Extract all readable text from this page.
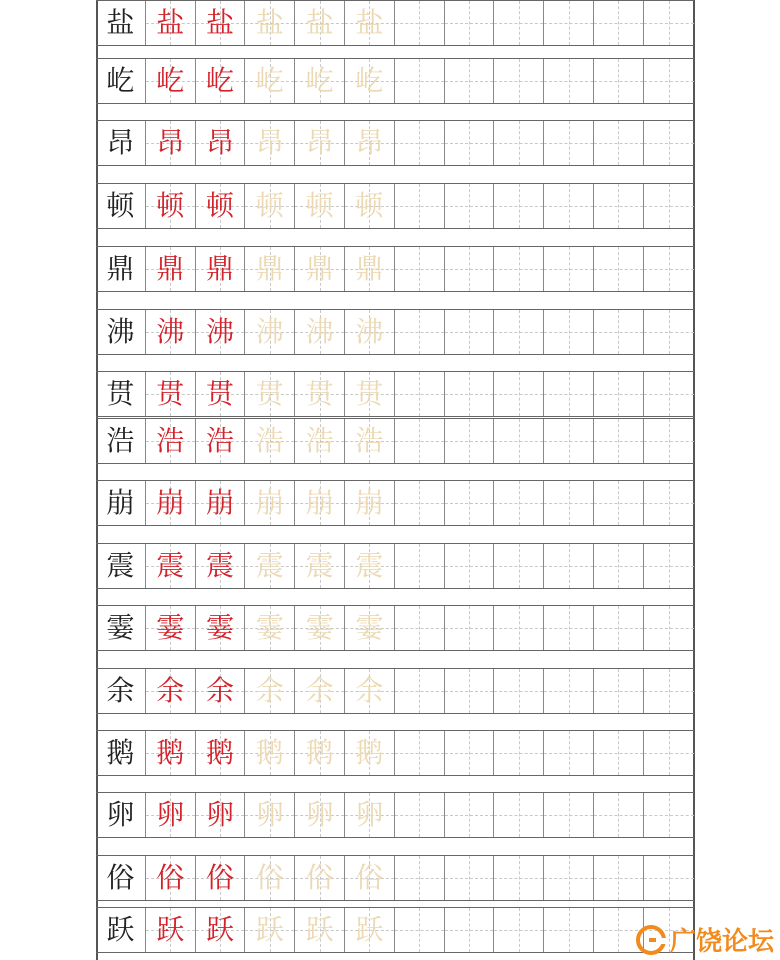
盐 盐 盐 盐 盐 盐
屹 屹 屹 屹 屹 屹
昂 昂 昂 昂 昂 昂
顿 顿 顿 顿 顿 顿
鼎 鼎 鼎 鼎 鼎 鼎
沸 沸 沸 沸 沸 沸
贯 贯 贯 贯 贯 贯
浩 浩 浩 浩 浩 浩
崩 崩 崩 崩 崩 崩
震 震 震 震 震 震
霎 霎 霎 霎 霎 霎
余 余 余 余 余 余
鹅 鹅 鹅 鹅 鹅 鹅
卵 卵 卵 卵 卵 卵
俗 俗 俗 俗 俗 俗
跃 跃 跃 跃 跃 跃	广饶论坛
